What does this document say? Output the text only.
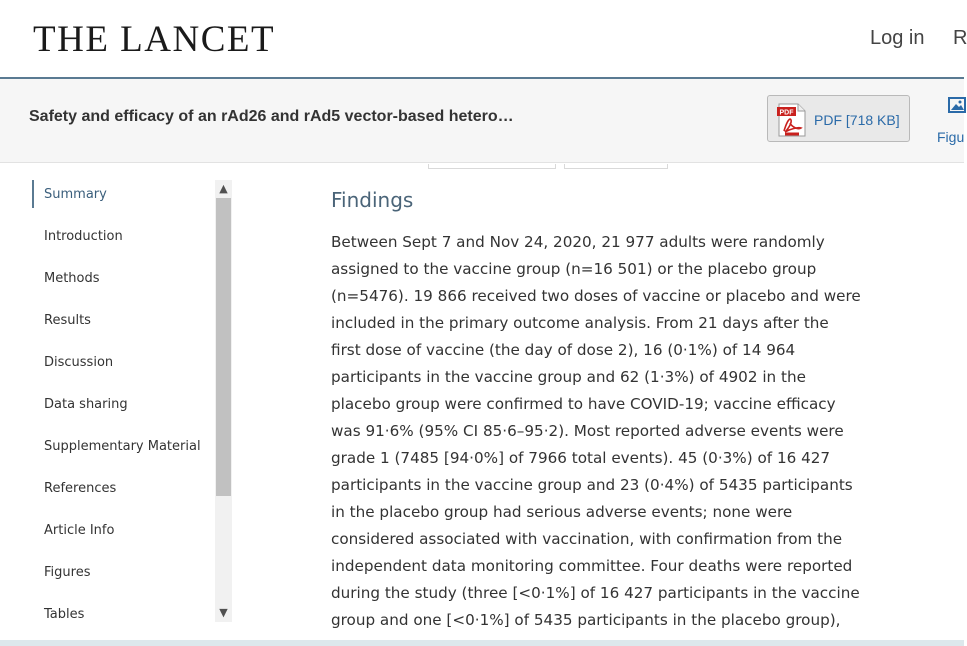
THE LANCET	Log in R
Safety and efficacy of an rAd26 and rAd5 vector-based hetero…	PDF PDF [718 KB]
Figu
Summary
Introduction
Methods
Results
Discussion
Data sharing
Supplementary Material
References
Article Info
Figures
Tables
▲
▼
Findings
Between Sept 7 and Nov 24, 2020, 21 977 adults were randomly
assigned to the vaccine group (n=16 501) or the placebo group
(n=5476). 19 866 received two doses of vaccine or placebo and were
included in the primary outcome analysis. From 21 days after the
first dose of vaccine (the day of dose 2), 16 (0·1%) of 14 964
participants in the vaccine group and 62 (1·3%) of 4902 in the
placebo group were confirmed to have COVID-19; vaccine efficacy
was 91·6% (95% CI 85·6–95·2). Most reported adverse events were
grade 1 (7485 [94·0%] of 7966 total events). 45 (0·3%) of 16 427
participants in the vaccine group and 23 (0·4%) of 5435 participants
in the placebo group had serious adverse events; none were
considered associated with vaccination, with confirmation from the
independent data monitoring committee. Four deaths were reported
during the study (three [<0·1%] of 16 427 participants in the vaccine
group and one [<0·1%] of 5435 participants in the placebo group),
